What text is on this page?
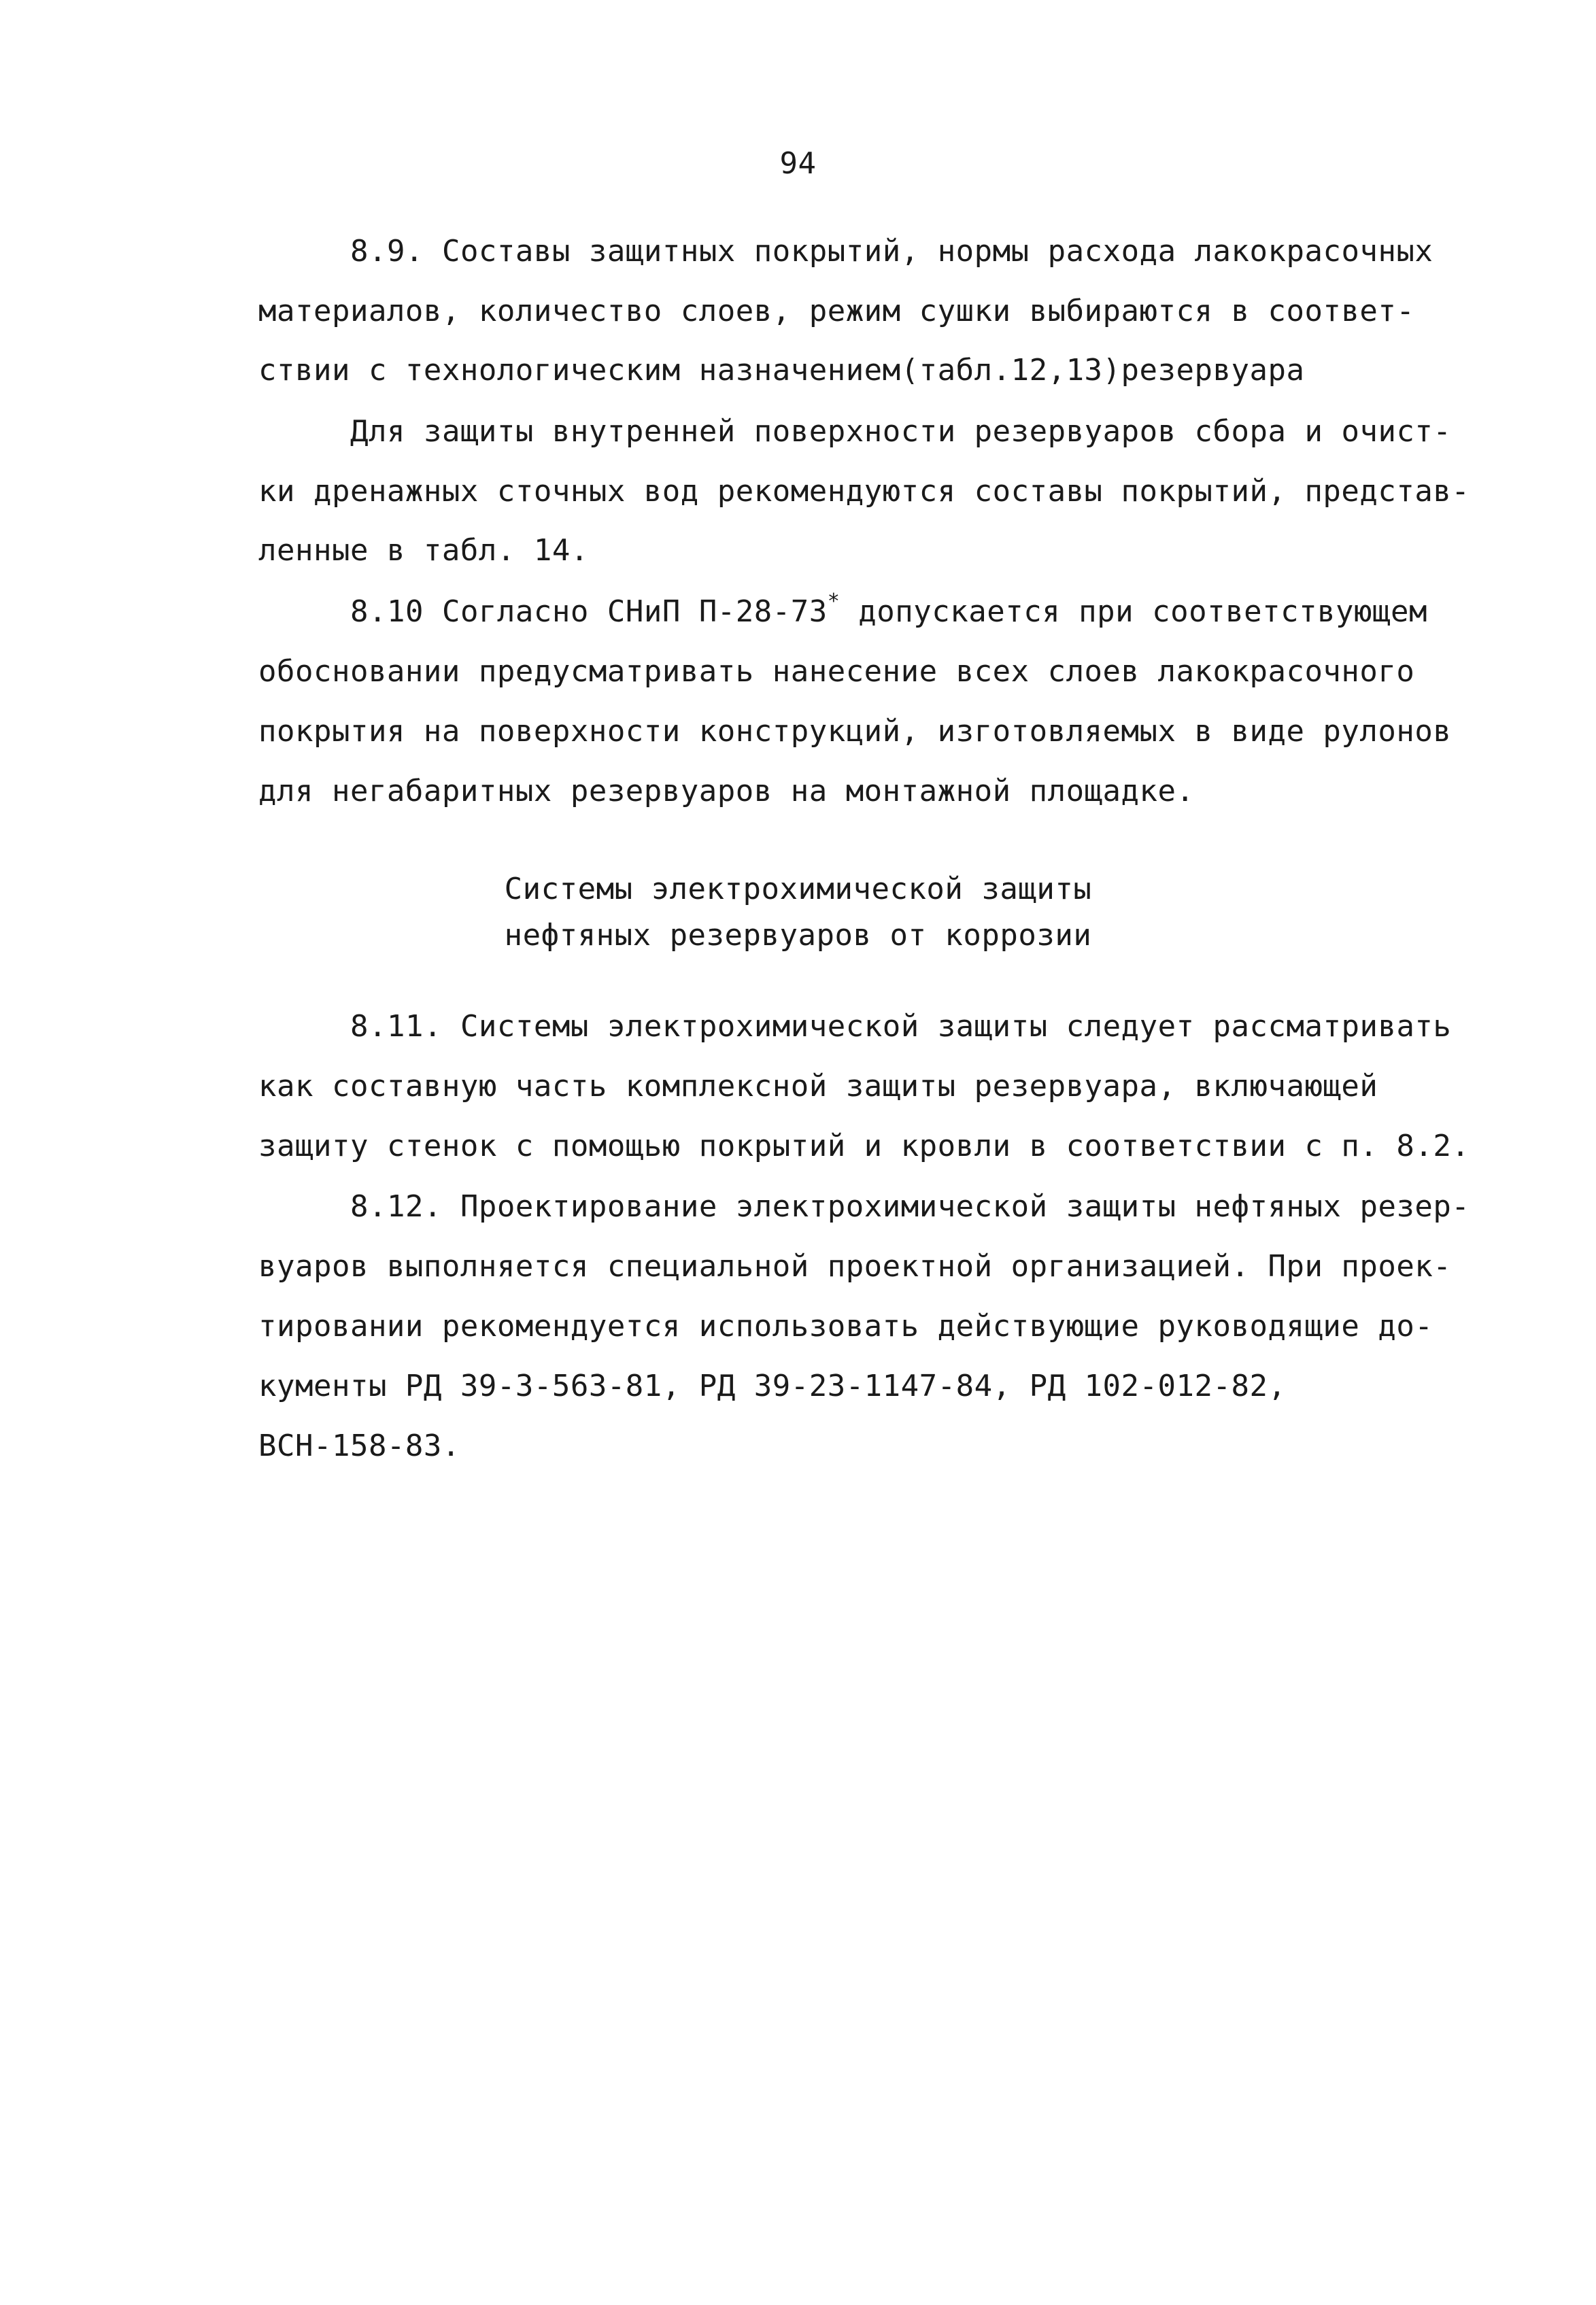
94
8.9. Составы защитных покрытий, нормы расхода лакокрасочных
материалов, количество слоев, режим сушки выбираются в соответ-
ствии с технологическим назначением(табл.12,13)резервуара
Для защиты внутренней поверхности резервуаров сбора и очист-
ки дренажных сточных вод рекомендуются составы покрытий, представ-
ленные в табл. 14.
8.10 Согласно СНиП П-28-73* допускается при соответствующем
обосновании предусматривать нанесение всех слоев лакокрасочного
покрытия на поверхности конструкций, изготовляемых в виде рулонов
для негабаритных резервуаров на монтажной площадке.
Системы электрохимической защиты
нефтяных резервуаров от коррозии
8.11. Системы электрохимической защиты следует рассматривать
как составную часть комплексной защиты резервуара, включающей
защиту стенок с помощью покрытий и кровли в соответствии с п. 8.2.
8.12. Проектирование электрохимической защиты нефтяных резер-
вуаров выполняется специальной проектной организацией. При проек-
тировании рекомендуется использовать действующие руководящие до-
кументы РД 39-3-563-81, РД 39-23-1147-84, РД 102-012-82,
ВСН-158-83.
